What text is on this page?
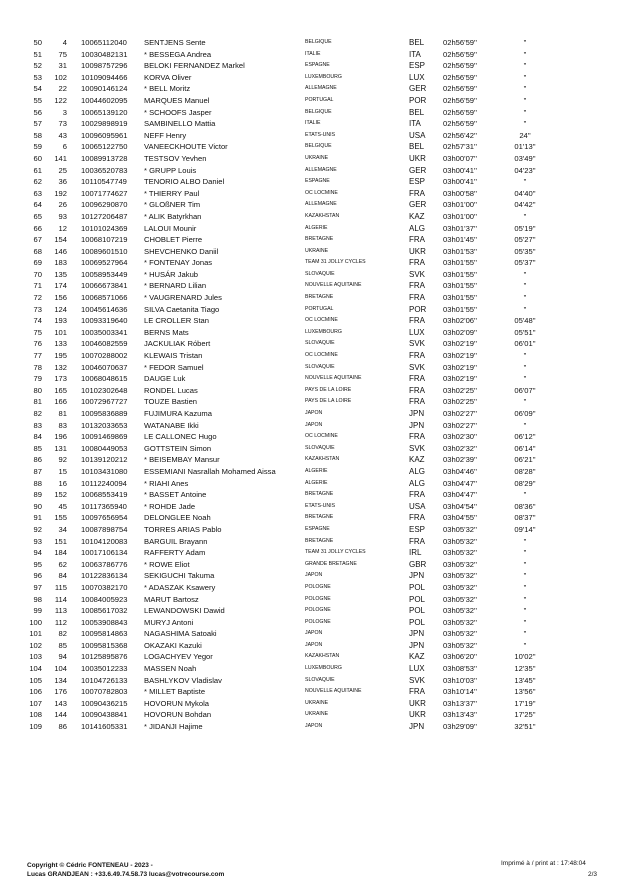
50	4 10065112040 SENTJENS Sente	BELGIQUE	BEL 02h56'59''	"
51	75 10030482131 * BESSEGA Andrea	ITALIE	ITA	02h56'59''	"
52	31 10098757296 BELOKI FERNANDEZ Markel	ESPAGNE	ESP 02h56'59''	"
53	102 10109094466 KORVA Oliver	LUXEMBOURG	LUX 02h56'59''	"
54	22 10090146124 * BELL Moritz	ALLEMAGNE	GER 02h56'59''	"
55	122 10044602095 MARQUES Manuel	PORTUGAL	POR 02h56'59''	"
56	3 10065139120 * SCHOOFS Jasper	BELGIQUE	BEL 02h56'59''	"
57	73 10029898919 SAMBINELLO Mattia	ITALIE	ITA	02h56'59''	"
58	43 10096095961 NEFF Henry	ETATS-UNIS	USA 02h56'42''	24''
59	6 10065122750 VANEECKHOUTE Victor	BELGIQUE	BEL 02h57'31''	01'13''
60	141 10089913728 TESTSOV Yevhen	UKRAINE	UKR 03h00'07''	03'49''
61	25 10036520783 * GRUPP Louis	ALLEMAGNE	GER 03h00'41''	04'23''
62	36 10110547749 TENORIO ALBO Daniel	ESPAGNE	ESP 03h00'41''	"
63	192 10071774627 * THIERRY Paul	OC LOCMINE	FRA 03h00'58''	04'40''
64	26 10096290870 * GLOßNER Tim	ALLEMAGNE	GER 03h01'00''	04'42''
65	93 10127206487 * ALIK Batyrkhan	KAZAKHSTAN	KAZ 03h01'00''	"
66	12 10101024369 LALOUI Mounir	ALGERIE	ALG 03h01'37''	05'19''
67	154 10068107219 CHOBLET Pierre	BRETAGNE	FRA 03h01'45''	05'27''
68	146 10089601510 SHEVCHENKO Daniil	UKRAINE	UKR 03h01'53''	05'35''
69	183 10069527964 * FONTENAY Jonas	TEAM 31 JOLLY CYCLES	FRA 03h01'55''	05'37''
70	135 10058953449 * HUSÁR Jakub	SLOVAQUIE	SVK 03h01'55''	"
71	174 10066673841 * BERNARD Lilian	NOUVELLE AQUITAINE	FRA 03h01'55''	"
72	156 10068571066 * VAUGRENARD Jules	BRETAGNE	FRA 03h01'55''	"
73	124 10045614636 SILVA Caetanita Tiago	PORTUGAL	POR 03h01'55''	"
74	193 10093319640 LE CROLLER Stan	OC LOCMINE	FRA 03h02'06''	05'48''
75	101 10035003341 BERNS Mats	LUXEMBOURG	LUX 03h02'09''	05'51''
76	133 10046082559 JACKULIAK Róbert	SLOVAQUIE	SVK 03h02'19''	06'01''
77	195 10070288002 KLEWAIS Tristan	OC LOCMINE	FRA 03h02'19''	"
78	132 10046070637 * FEDOR Samuel	SLOVAQUIE	SVK 03h02'19''	"
79	173 10068048615 DAUGE Luk	NOUVELLE AQUITAINE	FRA 03h02'19''	"
80	165 10102302648 RONDEL Lucas	PAYS DE LA LOIRE	FRA 03h02'25''	06'07''
81	166 10072967727 TOUZE Bastien	PAYS DE LA LOIRE	FRA 03h02'25''	"
82	81 10095836889 FUJIMURA Kazuma	JAPON	JPN 03h02'27''	06'09''
83	83 10132033653 WATANABE Ikki	JAPON	JPN 03h02'27''	"
84	196 10091469869 LE CALLONEC Hugo	OC LOCMINE	FRA 03h02'30''	06'12''
85	131 10080449053 GOTTSTEIN Simon	SLOVAQUIE	SVK 03h02'32''	06'14''
86	92 10139120212 * BEISEMBAY Mansur	KAZAKHSTAN	KAZ 03h02'39''	06'21''
87	15 10103431080 ESSEMIANI Nasrallah Mohamed Aissa	ALGERIE	ALG 03h04'46''	08'28''
88	16 10112240094 * RIAHI Anes	ALGERIE	ALG 03h04'47''	08'29''
89	152 10068553419 * BASSET Antoine	BRETAGNE	FRA 03h04'47''	"
90	45 10117365940 * ROHDE Jade	ETATS-UNIS	USA 03h04'54''	08'36''
91	155 10097656954 DELONGLEE Noah	BRETAGNE	FRA 03h04'55''	08'37''
92	34 10087898754 TORRES ARIAS Pablo	ESPAGNE	ESP 03h05'32''	09'14''
93	151 10104120083 BARGUIL Brayann	BRETAGNE	FRA 03h05'32''	"
94	184 10017106134 RAFFERTY Adam	TEAM 31 JOLLY CYCLES	IRL	03h05'32''	"
95	62 10063786776 * ROWE Eliot	GRANDE BRETAGNE	GBR 03h05'32''	"
96	84 10122836134 SEKIGUCHI Takuma	JAPON	JPN 03h05'32''	"
97	115 10070382170 * ADASZAK Ksawery	POLOGNE	POL 03h05'32''	"
98	114 10084005923 MARUT Bartosz	POLOGNE	POL 03h05'32''	"
99	113 10085617032 LEWANDOWSKI Dawid	POLOGNE	POL 03h05'32''	"
100	112 10053908843 MURYJ Antoni	POLOGNE	POL 03h05'32''	"
101	82 10095814863 NAGASHIMA Satoaki	JAPON	JPN 03h05'32''	"
102	85 10095815368 OKAZAKI Kazuki	JAPON	JPN 03h05'32''	"
103	94 10125895876 LOGACHYEV Yegor	KAZAKHSTAN	KAZ 03h06'20''	10'02''
104	104 10035012233 MASSEN Noah	LUXEMBOURG	LUX 03h08'53''	12'35''
105	134 10104726133 BASHLYKOV Vladislav	SLOVAQUIE	SVK 03h10'03''	13'45''
106	176 10070782803 * MILLET Baptiste	NOUVELLE AQUITAINE	FRA 03h10'14''	13'56''
107	143 10090436215 HOVORUN Mykola	UKRAINE	UKR 03h13'37''	17'19''
108	144 10090438841 HOVORUN Bohdan	UKRAINE	UKR 03h13'43''	17'25''
109	86 10141605331 * JIDANJI Hajime	JAPON	JPN 03h29'09''	32'51''
Copyright © Cédric FONTENEAU - 2023 -
Lucas GRANDJEAN : +33.6.49.74.58.73 lucas@votrecourse.com
Imprimé à / print at : 17:48:04
2/3
